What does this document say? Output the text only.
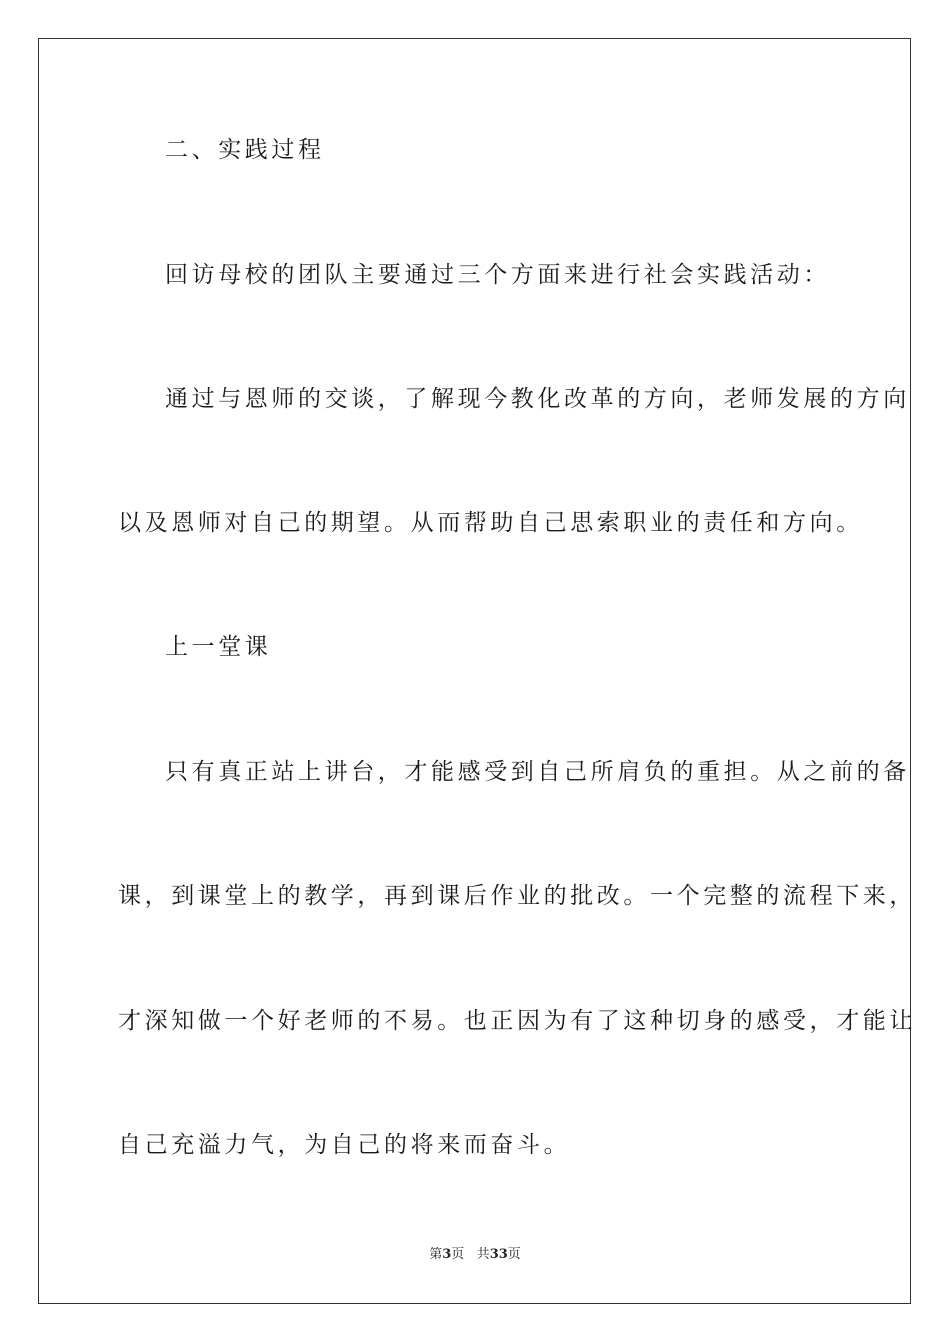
二、实践过程
回访母校的团队主要通过三个方面来进行社会实践活动：
通过与恩师的交谈，了解现今教化改革的方向，老师发展的方向
以及恩师对自己的期望。从而帮助自己思索职业的责任和方向。
上一堂课
只有真正站上讲台，才能感受到自己所肩负的重担。从之前的备
课，到课堂上的教学，再到课后作业的批改。一个完整的流程下来，
才深知做一个好老师的不易。也正因为有了这种切身的感受，才能让
自己充溢力气，为自己的将来而奋斗。
第3页 共33页
